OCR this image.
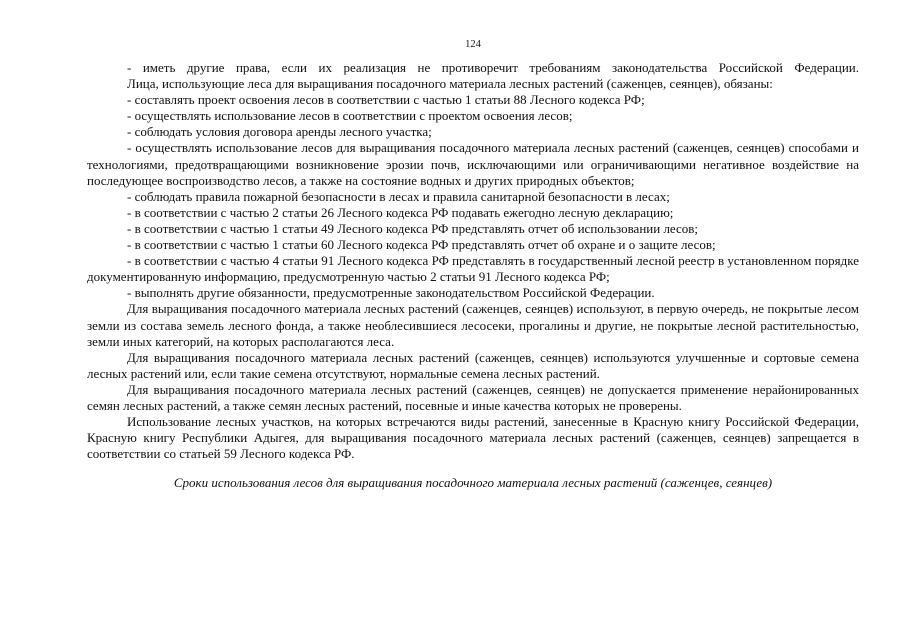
124

- иметь другие права, если их реализация не противоречит требованиям законодательства Российской Федерации.

Лица, использующие леса для выращивания посадочного материала лесных растений (саженцев, сеянцев), обязаны:

- составлять проект освоения лесов в соответствии с частью 1 статьи 88 Лесного кодекса РФ;

- осуществлять использование лесов в соответствии с проектом освоения лесов;

- соблюдать условия договора аренды лесного участка;

- осуществлять использование лесов для выращивания посадочного материала лесных растений (саженцев, сеянцев) способами и технологиями, предотвращающими возникновение эрозии почв, исключающими или ограничивающими негативное воздействие на последующее воспроизводство лесов, а также на состояние водных и других природных объектов;

- соблюдать правила пожарной безопасности в лесах и правила санитарной безопасности в лесах;

- в соответствии с частью 2 статьи 26 Лесного кодекса РФ подавать ежегодно лесную декларацию;

- в соответствии с частью 1 статьи 49 Лесного кодекса РФ представлять отчет об использовании лесов;

- в соответствии с частью 1 статьи 60 Лесного кодекса РФ представлять отчет об охране и о защите лесов;

- в соответствии с частью 4 статьи 91 Лесного кодекса РФ представлять в государственный лесной реестр в установленном порядке документированную информацию, предусмотренную частью 2 статьи 91 Лесного кодекса РФ;

- выполнять другие обязанности, предусмотренные законодательством Российской Федерации.

Для выращивания посадочного материала лесных растений (саженцев, сеянцев) используют, в первую очередь, не покрытые лесом земли из состава земель лесного фонда, а также необлесившиеся лесосеки, прогалины и другие, не покрытые лесной растительностью, земли иных категорий, на которых располагаются леса.

Для выращивания посадочного материала лесных растений (саженцев, сеянцев) используются улучшенные и сортовые семена лесных растений или, если такие семена отсутствуют, нормальные семена лесных растений.

Для выращивания посадочного материала лесных растений (саженцев, сеянцев) не допускается применение нерайонированных семян лесных растений, а также семян лесных растений, посевные и иные качества которых не проверены.

Использование лесных участков, на которых встречаются виды растений, занесенные в Красную книгу Российской Федерации, Красную книгу Республики Адыгея, для выращивания посадочного материала лесных растений (саженцев, сеянцев) запрещается в соответствии со статьей 59 Лесного кодекса РФ.

Сроки использования лесов для выращивания посадочного материала лесных растений (саженцев, сеянцев)
